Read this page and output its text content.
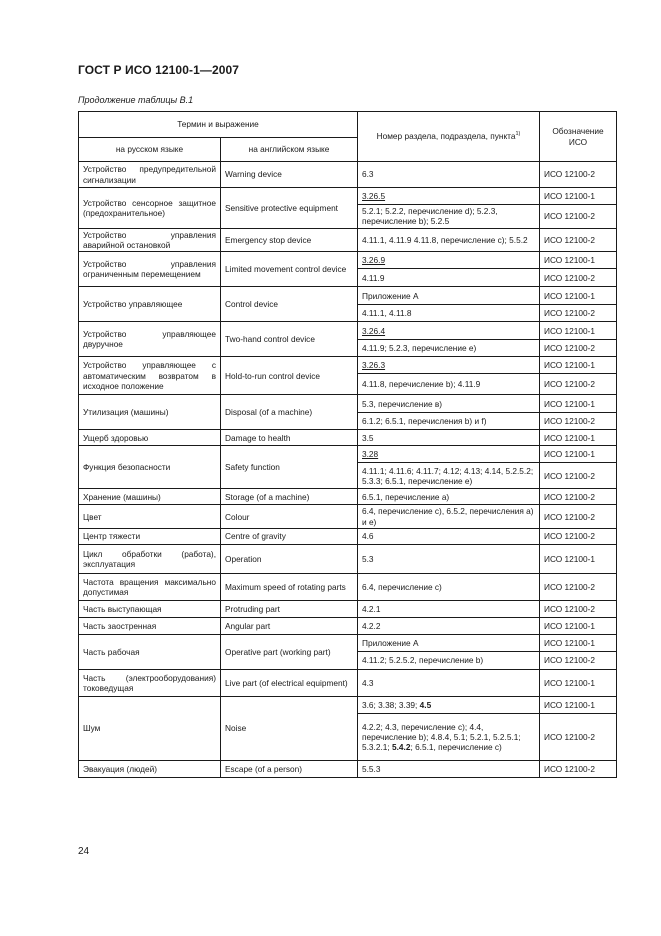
ГОСТ Р ИСО 12100-1—2007
Продолжение таблицы В.1
Термин и выражение		Номер раздела, подраздела, пункта$^{1)}$	Обозначение ИСО
на русском языке	на английском языке		
Устройство предупредительной сигнализации	Warning device	6.3	ИСО 12100-2
Устройство сенсорное защитное (предохранительное)	Sensitive protective equipment	3.26.5	ИСО 12100-1
		5.2.1; 5.2.2, перечисление d); 5.2.3, перечисление b); 5.2.5	ИСО 12100-2
Устройство управления аварийной остановкой	Emergency stop device	4.11.1, 4.11.9 4.11.8, перечисление c); 5.5.2	ИСО 12100-2
Устройство управления ограниченным перемещением	Limited movement control device	3.26.9	ИСО 12100-1
		4.11.9	ИСО 12100-2
Устройство управляющее	Control device	Приложение А	ИСО 12100-1
		4.11.1, 4.11.8	ИСО 12100-2
Устройство управляющее двуручное	Two-hand control device	3.26.4	ИСО 12100-1
		4.11.9; 5.2.3, перечисление e)	ИСО 12100-2
Устройство управляющее с автоматическим возвратом в исходное положение	Hold-to-run control device	3.26.3	ИСО 12100-1
		4.11.8, перечисление b); 4.11.9	ИСО 12100-2
Утилизация (машины)	Disposal (of a machine)	5.3, перечисление в)	ИСО 12100-1
		6.1.2; 6.5.1, перечисления b) и f)	ИСО 12100-2
Ущерб здоровью	Damage to health	3.5	ИСО 12100-1
Функция безопасности	Safety function	3.28	ИСО 12100-1
		4.11.1; 4.11.6; 4.11.7; 4.12; 4.13; 4.14, 5.2.5.2; 5.3.3; 6.5.1, перечисление e)	ИСО 12100-2
Хранение (машины)	Storage (of a machine)	6.5.1, перечисление а)	ИСО 12100-2
Цвет	Colour	6.4, перечисление c), 6.5.2, перечисления а) и e)	ИСО 12100-2
Центр тяжести	Centre of gravity	4.6	ИСО 12100-2
Цикл обработки (работа), эксплуатация	Operation	5.3	ИСО 12100-1
Частота вращения максимально допустимая	Maximum speed of rotating parts	6.4, перечисление c)	ИСО 12100-2
Часть выступающая	Protruding part	4.2.1	ИСО 12100-2
Часть заостренная	Angular part	4.2.2	ИСО 12100-1
Часть рабочая	Operative part (working part)	Приложение А	ИСО 12100-1
		4.11.2; 5.2.5.2, перечисление b)	ИСО 12100-2
Часть (электрооборудования) токоведущая	Live part (of electrical equipment)	4.3	ИСО 12100-1
Шум	Noise	3.6; 3.38; 3.39; 4.5	ИСО 12100-1
		4.2.2; 4.3, перечисление c); 4.4, перечисление b); 4.8.4, 5.1; 5.2.1, 5.2.5.1; 5.3.2.1; 5.4.2; 6.5.1, перечисление c)	ИСО 12100-2
Эвакуация (людей)	Escape (of a person)	5.5.3	ИСО 12100-2
24
